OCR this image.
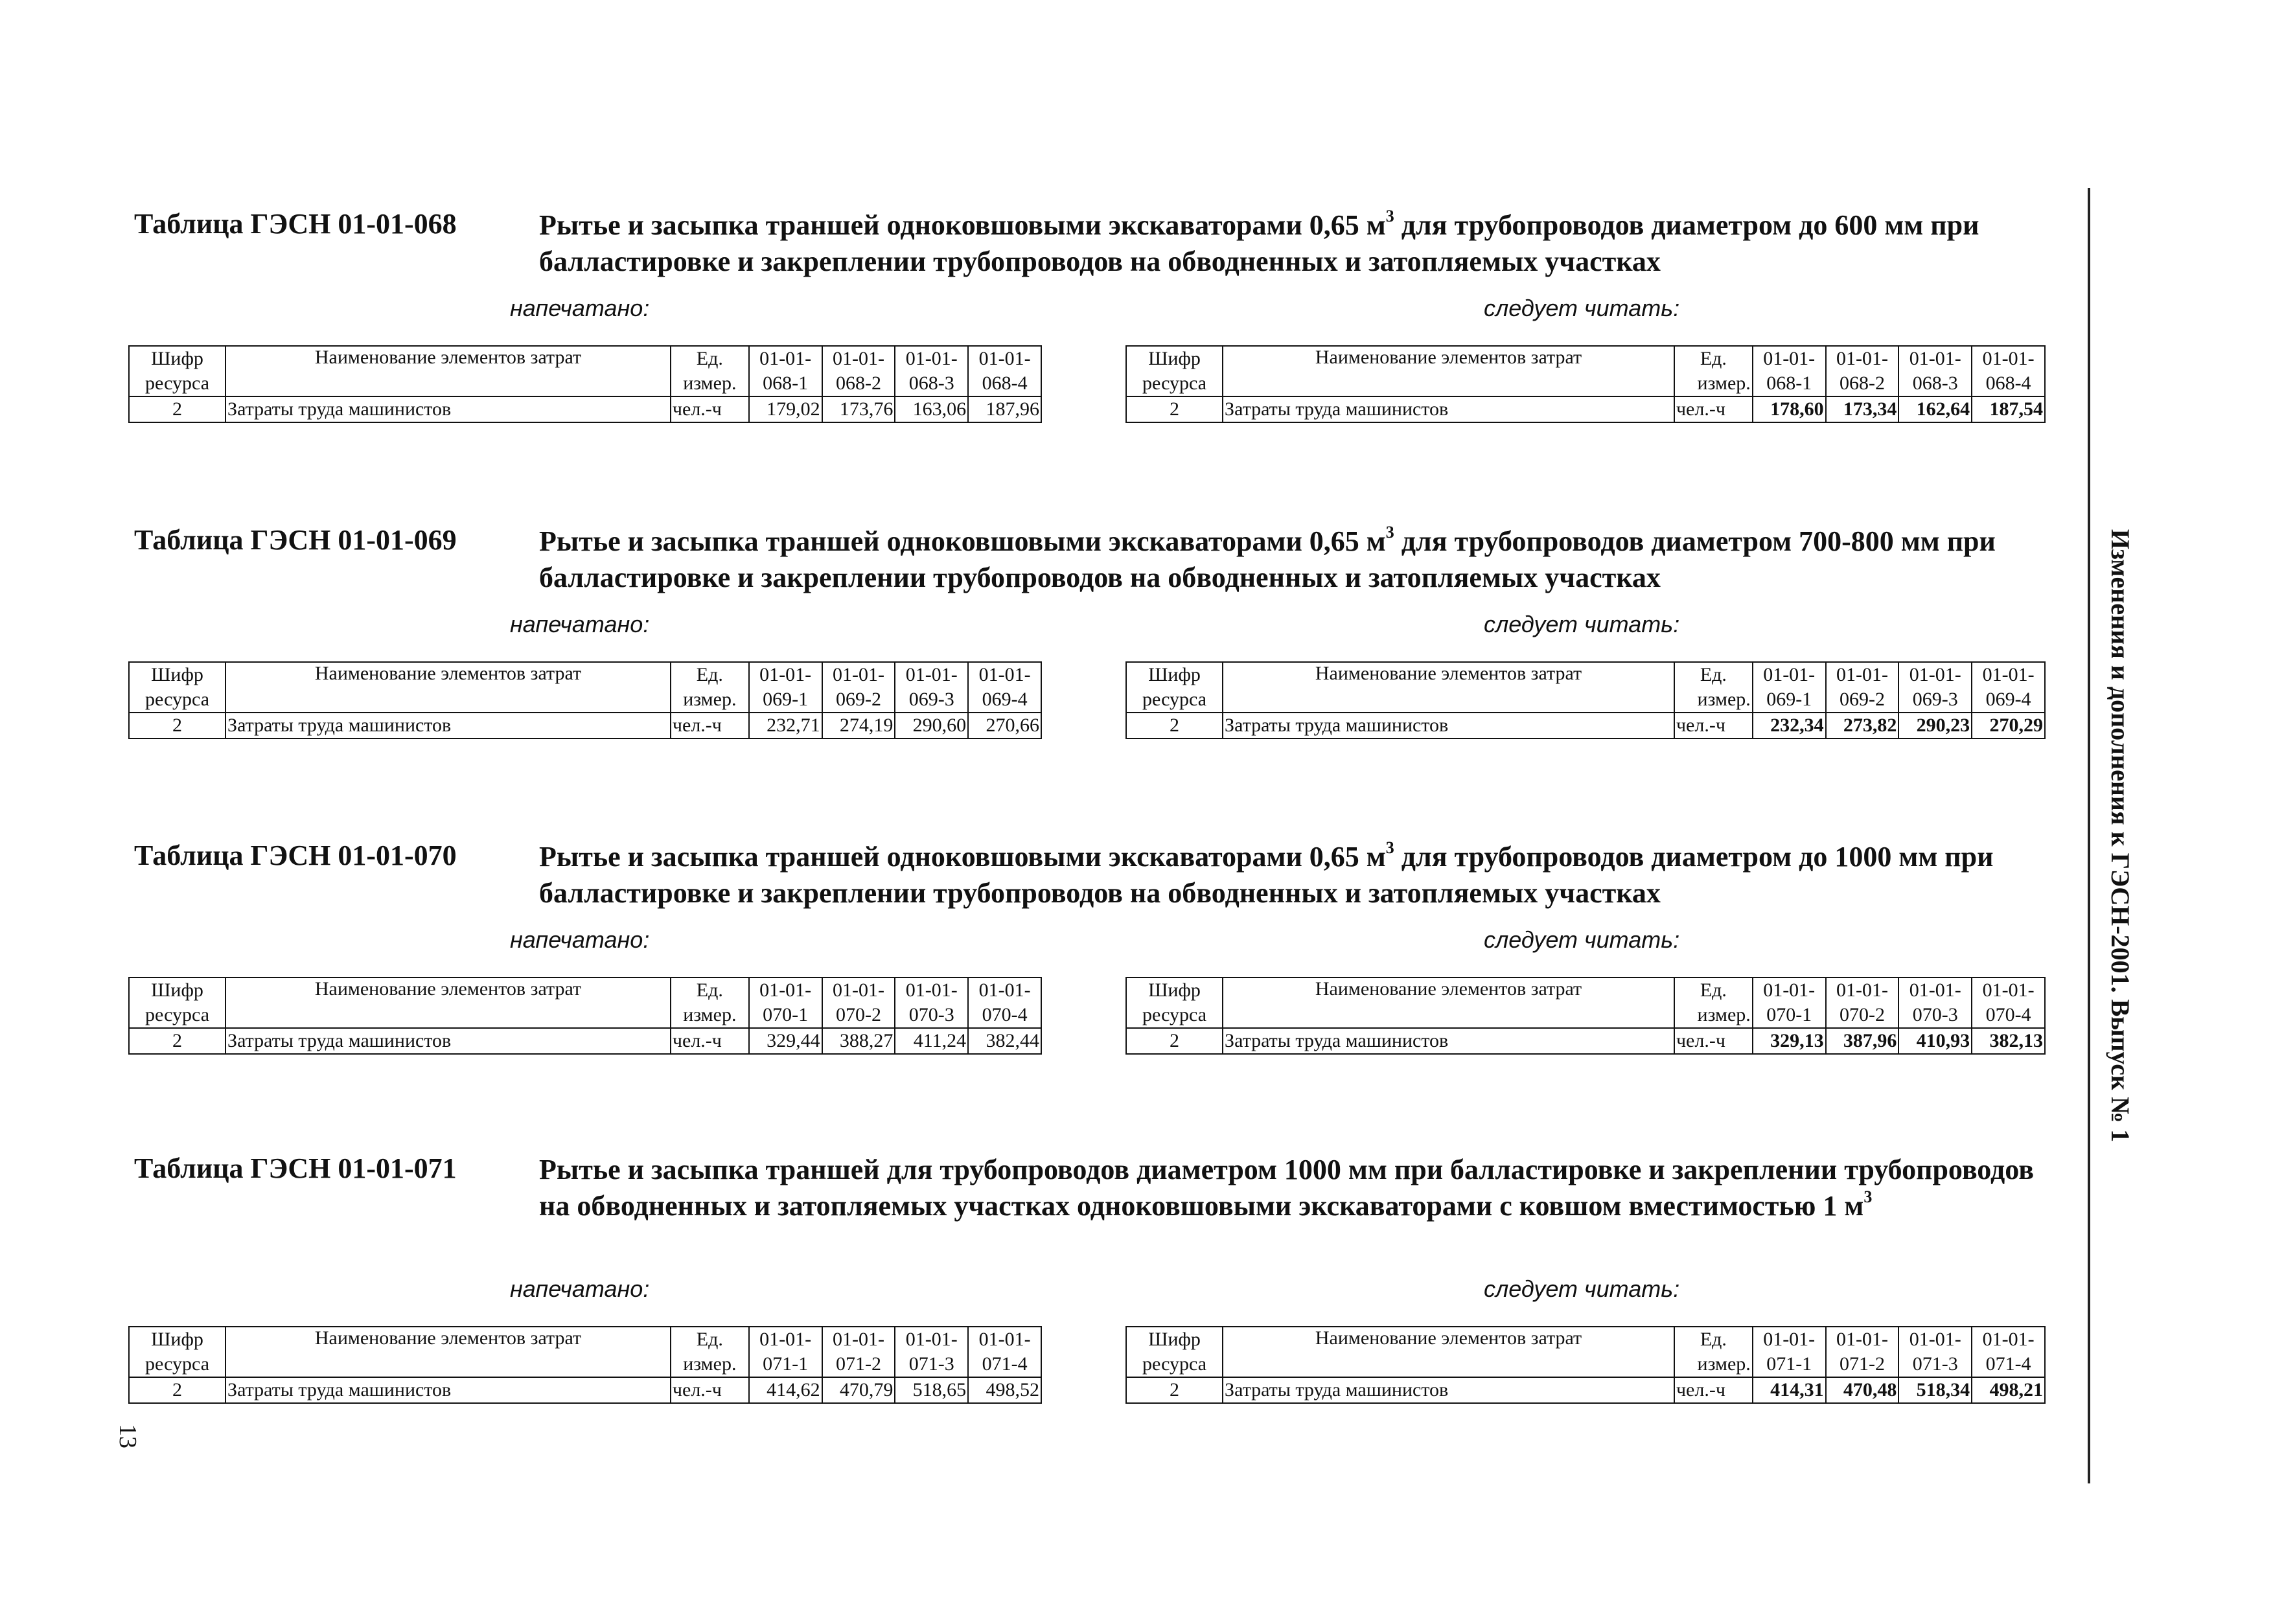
Таблица ГЭСН 01-01-068	Рытье и засыпка траншей одноковшовыми экскаваторами 0,65 $м^3$ для трубопроводов диаметром до 600 мм при балластировке и закреплении трубопроводов на обводненных и затопляемых участках
напечатано:	следует читать:
Шифр	Наименование элементов затрат	Ед.	01-01-	01-01-	01-01-	01-01-
ресурса		измер.	068-1	068-2	068-3	068-4
2	Затраты труда машинистов	чел.-ч	179,02	173,76	163,06	187,96
Шифр	Наименование элементов затрат	Ед.	01-01-	01-01-	01-01-	01-01-
ресурса		измер.	068-1	068-2	068-3	068-4
2	Затраты труда машинистов	чел.-ч	178,60	173,34	162,64	187,54
Таблица ГЭСН 01-01-069	Рытье и засыпка траншей одноковшовыми экскаваторами 0,65 $м^3$ для трубопроводов диаметром 700-800 мм при балластировке и закреплении трубопроводов на обводненных и затопляемых участках
напечатано:	следует читать:
Шифр	Наименование элементов затрат	Ед.	01-01-	01-01-	01-01-	01-01-
ресурса		измер.	069-1	069-2	069-3	069-4
2	Затраты труда машинистов	чел.-ч	232,71	274,19	290,60	270,66
Шифр	Наименование элементов затрат	Ед.	01-01-	01-01-	01-01-	01-01-
ресурса		измер.	069-1	069-2	069-3	069-4
2	Затраты труда машинистов	чел.-ч	232,34	273,82	290,23	270,29
Таблица ГЭСН 01-01-070	Рытье и засыпка траншей одноковшовыми экскаваторами 0,65 $м^3$ для трубопроводов диаметром до 1000 мм при балластировке и закреплении трубопроводов на обводненных и затопляемых участках
напечатано:	следует читать:
Шифр	Наименование элементов затрат	Ед.	01-01-	01-01-	01-01-	01-01-
ресурса		измер.	070-1	070-2	070-3	070-4
2	Затраты труда машинистов	чел.-ч	329,44	388,27	411,24	382,44
Шифр	Наименование элементов затрат	Ед.	01-01-	01-01-	01-01-	01-01-
ресурса		измер.	070-1	070-2	070-3	070-4
2	Затраты труда машинистов	чел.-ч	329,13	387,96	410,93	382,13
Таблица ГЭСН 01-01-071	Рытье и засыпка траншей для трубопроводов диаметром 1000 мм при балластировке и закреплении трубопроводов на обводненных и затопляемых участках одноковшовыми экскаваторами с ковшом вместимостью 1 $м^3$
напечатано:	следует читать:
Шифр	Наименование элементов затрат	Ед.	01-01-	01-01-	01-01-	01-01-
ресурса		измер.	071-1	071-2	071-3	071-4
2	Затраты труда машинистов	чел.-ч	414,62	470,79	518,65	498,52
Шифр	Наименование элементов затрат	Ед.	01-01-	01-01-	01-01-	01-01-
ресурса		измер.	071-1	071-2	071-3	071-4
2	Затраты труда машинистов	чел.-ч	414,31	470,48	518,34	498,21
Изменения и дополнения к ГЭСН-2001. Выпуск № 1
13
